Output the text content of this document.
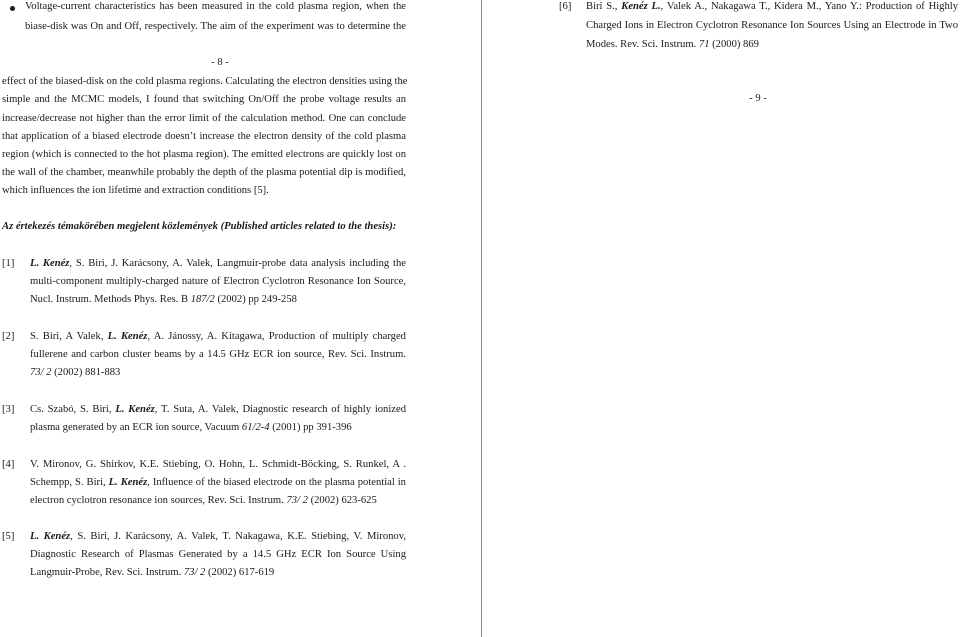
Voltage-current characteristics has been measured in the cold plasma region, when the
biase-disk was On and Off, respectively. The aim of the experiment was to determine the
- 8 -
effect of the biased-disk on the cold plasma regions. Calculating the electron densities using the
simple and the MCMC models, I found that switching On/Off the probe voltage results an
increase/decrease not higher than the error limit of the calculation method. One can conclude
that application of a biased electrode doesn’t increase the electron density of the cold plasma
region (which is connected to the hot plasma region). The emitted electrons are quickly lost on
the wall of the chamber, meanwhile probably the depth of the plasma potential dip is modified,
which influences the ion lifetime and extraction conditions [5].
Az értekezés témakörében megjelent közlemények (Published articles related to the thesis):
[1] L. Kenéz, S. Biri, J. Karácsony, A. Valek, Langmuir-probe data analysis including the
multi-component multiply-charged nature of Electron Cyclotron Resonance Ion Source,
Nucl. Instrum. Methods Phys. Res. B 187/2 (2002) pp 249-258
[2] S. Biri, A Valek, L. Kenéz, A. Jánossy, A. Kitagawa, Production of multiply charged
fullerene and carbon cluster beams by a 14.5 GHz ECR ion source, Rev. Sci. Instrum.
73/ 2 (2002) 881-883
[3] Cs. Szabó, S. Biri, L. Kenéz, T. Suta, A. Valek, Diagnostic research of highly ionized
plasma generated by an ECR ion source, Vacuum 61/2-4 (2001) pp 391-396
[4] V. Mironov, G. Shirkov, K.E. Stiebing, O. Hohn, L. Schmidt-Böcking, S. Runkel, A .
Schempp, S. Biri, L. Kenéz, Influence of the biased electrode on the plasma potential in
electron cyclotron resonance ion sources, Rev. Sci. Instrum. 73/ 2 (2002) 623-625
[5] L. Kenéz, S. Biri, J. Karácsony, A. Valek, T. Nakagawa, K.E. Stiebing, V. Mironov,
Diagnostic Research of Plasmas Generated by a 14.5 GHz ECR Ion Source Using
Langmuir-Probe, Rev. Sci. Instrum. 73/ 2 (2002) 617-619
[6] Biri S., Kenéz L., Valek A., Nakagawa T., Kidera M., Yano Y.: Production of Highly
Charged Ions in Electron Cyclotron Resonance Ion Sources Using an Electrode in Two
Modes. Rev. Sci. Instrum. 71 (2000) 869
- 9 -
